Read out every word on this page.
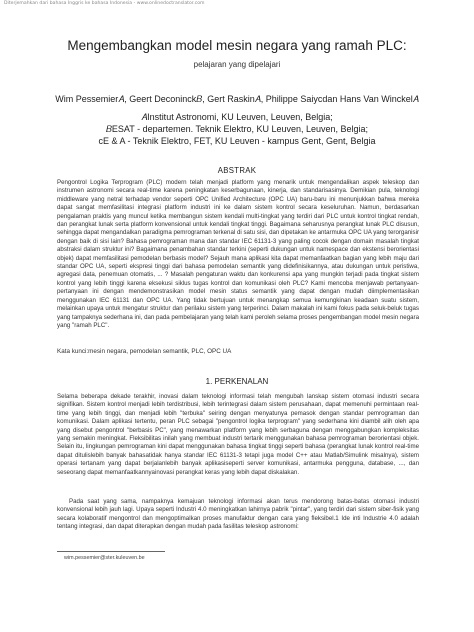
Diterjemahkan dari bahasa Inggris ke bahasa Indonesia - www.onlinedoctranslator.com
Mengembangkan model mesin negara yang ramah PLC:
pelajaran yang dipelajari
Wim Pessemier𝐴, Geert Deconinck𝐵, Gert Raskin𝐴, Philippe Saiyᴄdan Hans Van Winckel𝐴
𝐴Institut Astronomi, KU Leuven, Leuven, Belgia;
𝐵ESAT - departemen. Teknik Elektro, KU Leuven, Leuven, Belgia;
ᴄE & A - Teknik Elektro, FET, KU Leuven - kampus Gent, Gent, Belgia
ABSTRAK

Pengontrol Logika Terprogram (PLC) modern telah menjadi platform yang menarik untuk mengendalikan aspek teleskop dan instrumen astronomi secara real-time karena peningkatan keserbagunaan, kinerja, dan standarisasinya. Demikian pula, teknologi middleware yang netral terhadap vendor seperti OPC Unified Architecture (OPC UA) baru-baru ini menunjukkan bahwa mereka dapat sangat memfasilitasi integrasi platform industri ini ke dalam sistem kontrol secara keseluruhan. Namun, berdasarkan pengalaman praktis yang muncul ketika membangun sistem kendali multi-tingkat yang terdiri dari PLC untuk kontrol tingkat rendah, dan perangkat lunak serta platform konvensional untuk kendali tingkat tinggi. Bagaimana seharusnya perangkat lunak PLC disusun, sehingga dapat mengandalkan paradigma pemrograman terkenal di satu sisi, dan dipetakan ke antarmuka OPC UA yang terorganisir dengan baik di sisi lain? Bahasa pemrograman mana dan standar IEC 61131-3 yang paling cocok dengan domain masalah tingkat abstraksi dalam struktur ini? Bagaimana penambahan standar terkini (seperti dukungan untuk namespace dan ekstensi berorientasi objek) dapat memfasilitasi pemodelan berbasis model? Sejauh mana aplikasi kita dapat memanfaatkan bagian yang lebih maju dari standar OPC UA, seperti ekspresi tinggi dari bahasa pemodelan semantik yang didefinisikannya, atau dukungan untuk peristiwa, agregasi data, penemuan otomatis, ... ? Masalah pengaturan waktu dan konkurensi apa yang mungkin terjadi pada tingkat sistem kontrol yang lebih tinggi karena eksekusi siklus tugas kontrol dan komunikasi oleh PLC? Kami mencoba menjawab pertanyaan-pertanyaan ini dengan mendemonstrasikan model mesin status semantik yang dapat dengan mudah diimplementasikan menggunakan IEC 61131 dan OPC UA. Yang tidak bertujuan untuk menangkap semua kemungkinan keadaan suatu sistem, melainkan upaya untuk mengatur struktur dan perilaku sistem yang terperinci. Dalam makalah ini kami fokus pada seluk-beluk tugas yang tampaknya sederhana ini, dan pada pembelajaran yang telah kami peroleh selama proses pengembangan model mesin negara yang "ramah PLC".

Kata kunci:mesin negara, pemodelan semantik, PLC, OPC UA
1. PERKENALAN

Selama beberapa dekade terakhir, inovasi dalam teknologi informasi telah mengubah lanskap sistem otomasi industri secara signifikan. Sistem kontrol menjadi lebih terdistribusi, lebih terintegrasi dalam sistem perusahaan, dapat memenuhi permintaan real-time yang lebih tinggi, dan menjadi lebih "terbuka" seiring dengan menyatunya pemasok dengan standar pemrograman dan komunikasi. Dalam aplikasi tertentu, peran PLC sebagai "pengontrol logika terprogram" yang sederhana kini diambil alih oleh apa yang disebut pengontrol "berbasis PC", yang menawarkan platform yang lebih serbaguna dengan menggabungkan kompleksitas yang semakin meningkat. Fleksibilitas inilah yang membuat industri tertarik menggunakan bahasa pemrograman berorientasi objek. Selain itu, lingkungan pemrograman kini dapat menggunakan bahasa tingkat tinggi seperti bahasa (perangkat lunak kontrol real-time dapat ditulislebih banyak bahasatidak hanya standar IEC 61131-3 tetapi juga model C++ atau Matlab/Simulink misalnya), sistem operasi tertanam yang dapat berjalanlebih banyak aplikasiseperti server komunikasi, antarmuka pengguna, database, ..., dan seseorang dapat memanfaatkannyainovasi perangkat keras yang lebih dapat diskalakan.

Pada saat yang sama, nampaknya kemajuan teknologi informasi akan terus mendorong batas-batas otomasi industri konvensional lebih jauh lagi. Upaya seperti Industri 4.0 meningkatkan lahirnya pabrik "pintar", yang terdiri dari sistem siber-fisik yang secara kolaboratif mengontrol dan mengoptimalkan proses manufaktur dengan cara yang fleksibel.1 Ide inti Industrie 4.0 adalah tentang integrasi, dan dapat diterapkan dengan mudah pada fasilitas teleskop astronomi:

wim.pessemier@ster.kuleuven.be
